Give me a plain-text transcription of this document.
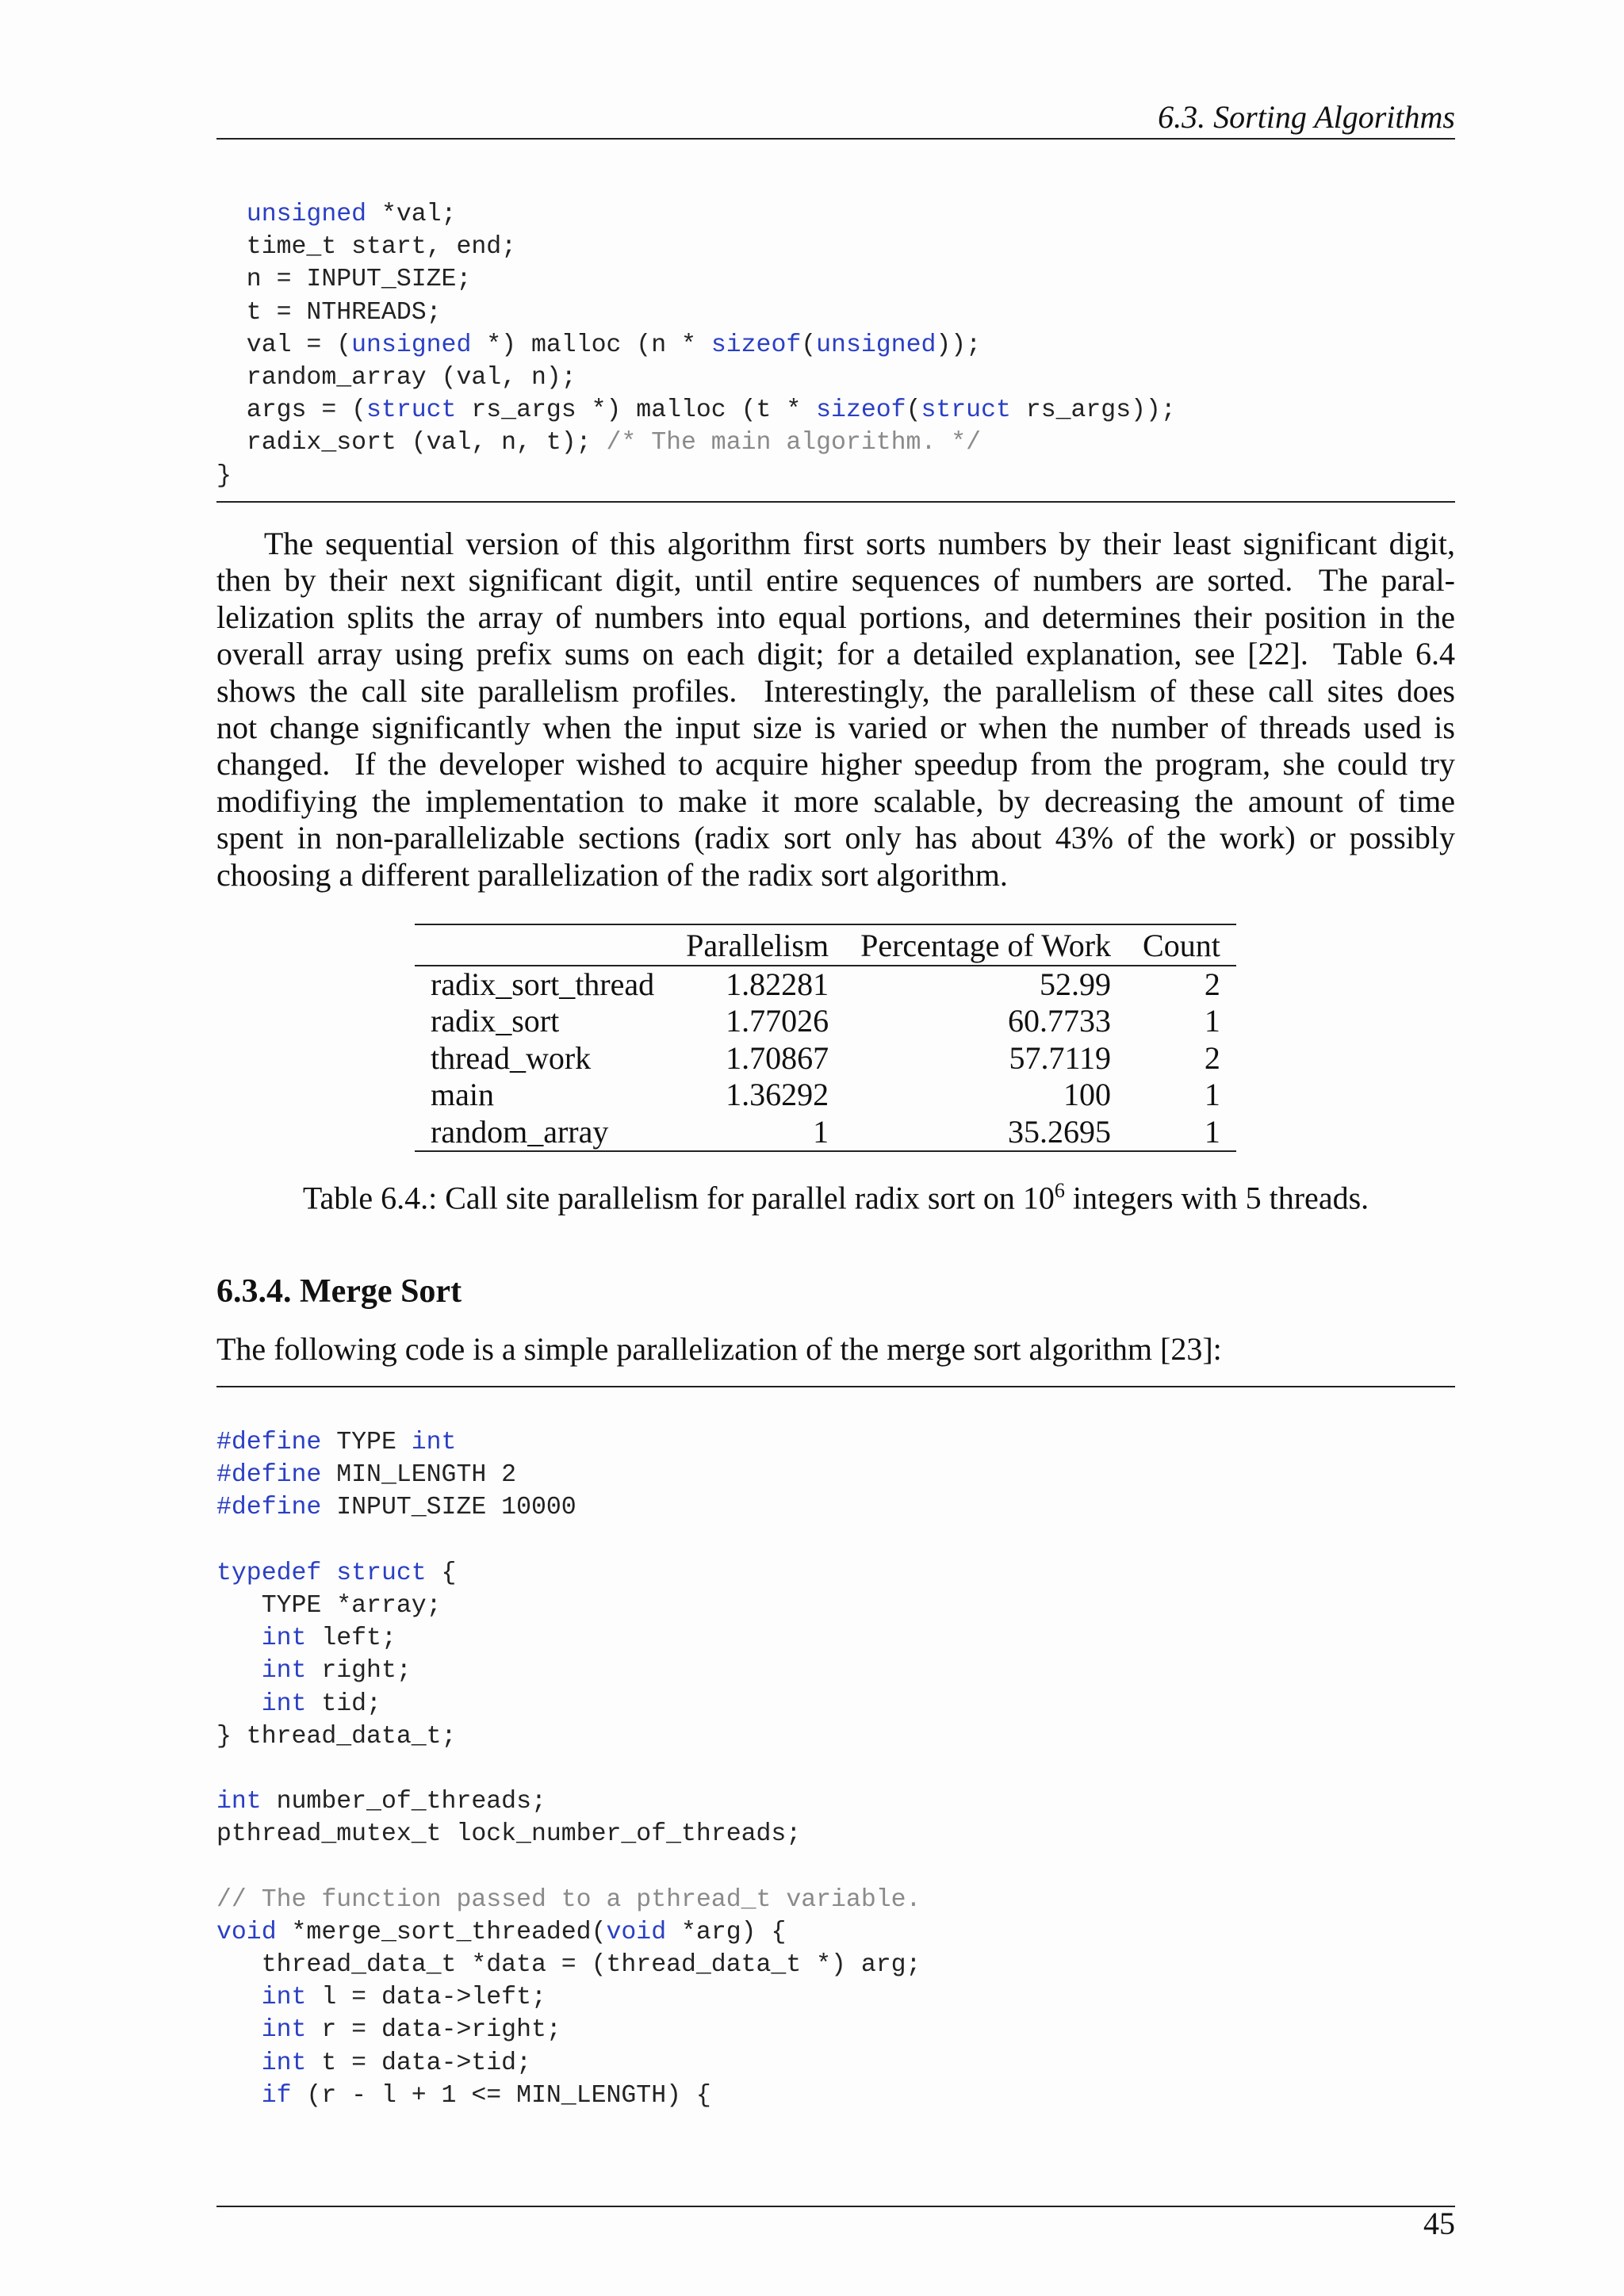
6.3. Sorting Algorithms
unsigned *val;
time_t start, end;
n = INPUT_SIZE;
t = NTHREADS;
val = (unsigned *) malloc (n * sizeof(unsigned));
random_array (val, n);
args = (struct rs_args *) malloc (t * sizeof(struct rs_args));
radix_sort (val, n, t); /* The main algorithm. */
}
The sequential version of this algorithm first sorts numbers by their least significant digit,
then by their next significant digit, until entire sequences of numbers are sorted.  The paral-
lelization splits the array of numbers into equal portions, and determines their position in the
overall array using prefix sums on each digit; for a detailed explanation, see [22].  Table 6.4
shows the call site parallelism profiles.  Interestingly, the parallelism of these call sites does
not change significantly when the input size is varied or when the number of threads used is
changed.  If the developer wished to acquire higher speedup from the program, she could try
modifiying the implementation to make it more scalable, by decreasing the amount of time
spent in non-parallelizable sections (radix sort only has about 43% of the work) or possibly
choosing a different parallelization of the radix sort algorithm.
	Parallelism	Percentage of Work	Count
radix_sort_thread	1.82281	52.99	2
radix_sort	1.77026	60.7733	1
thread_work	1.70867	57.7119	2
main	1.36292	100	1
random_array	1	35.2695	1
Table 6.4.: Call site parallelism for parallel radix sort on $10^6$ integers with 5 threads.
6.3.4. Merge Sort
The following code is a simple parallelization of the merge sort algorithm [23]:
#define TYPE int
#define MIN_LENGTH 2
#define INPUT_SIZE 10000
typedef struct {
TYPE *array;
int left;
int right;
int tid;
} thread_data_t;
int number_of_threads;
pthread_mutex_t lock_number_of_threads;
// The function passed to a pthread_t variable.
void *merge_sort_threaded(void *arg) {
thread_data_t *data = (thread_data_t *) arg;
int l = data->left;
int r = data->right;
int t = data->tid;
if (r - l + 1 <= MIN_LENGTH) {
45
